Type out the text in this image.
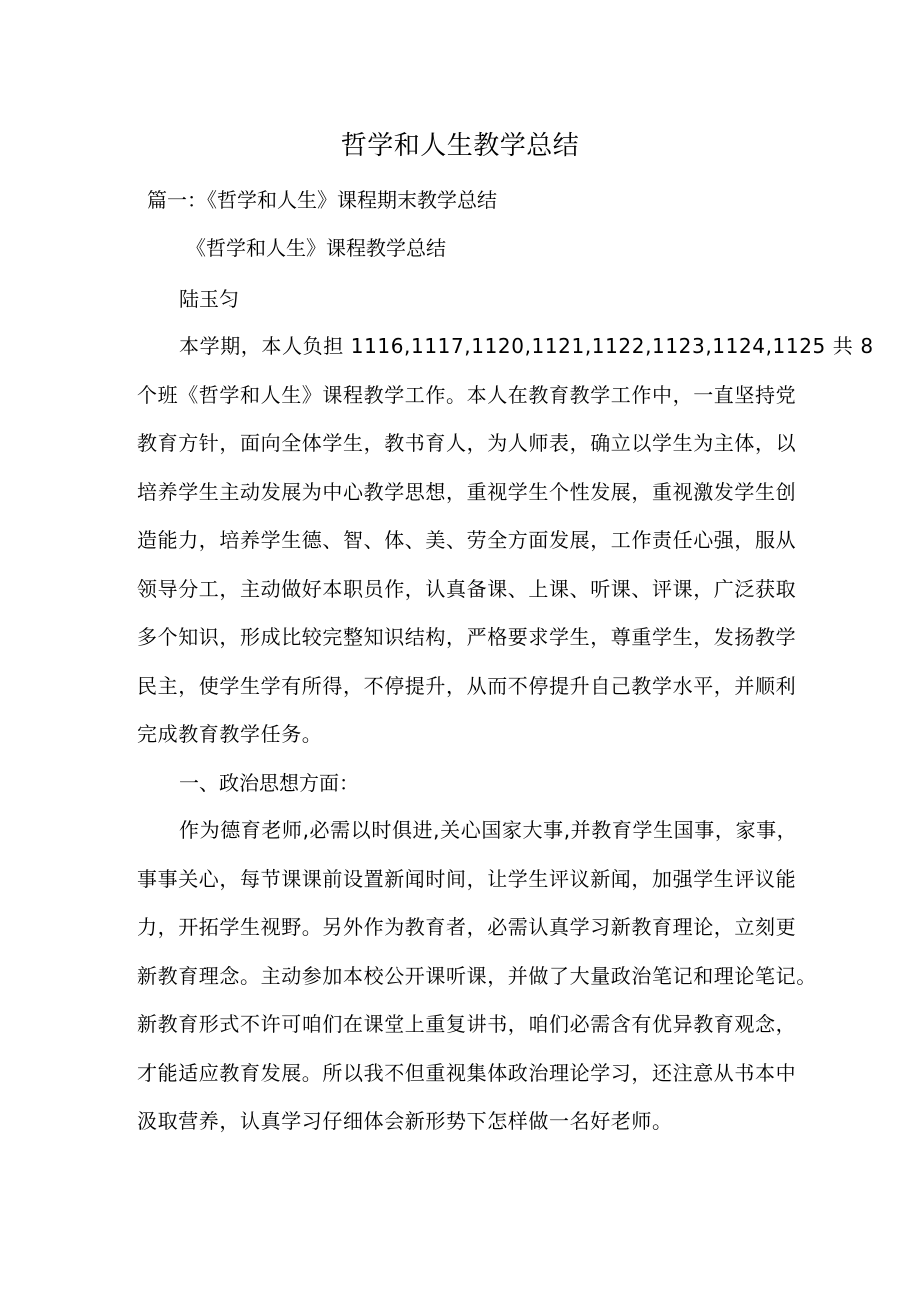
哲学和人生教学总结
篇一：《哲学和人生》课程期末教学总结
《哲学和人生》课程教学总结
陆玉匀
本学期，本人负担 1116,1117,1120,1121,1122,1123,1124,1125 共 8
个班《哲学和人生》课程教学工作。本人在教育教学工作中，一直坚持党
教育方针，面向全体学生，教书育人，为人师表，确立以学生为主体，以
培养学生主动发展为中心教学思想，重视学生个性发展，重视激发学生创
造能力，培养学生德、智、体、美、劳全方面发展，工作责任心强，服从
领导分工，主动做好本职员作，认真备课、上课、听课、评课，广泛获取
多个知识，形成比较完整知识结构，严格要求学生，尊重学生，发扬教学
民主，使学生学有所得，不停提升，从而不停提升自己教学水平，并顺利
完成教育教学任务。
一、政治思想方面：
作为德育老师,必需以时俱进,关心国家大事,并教育学生国事，家事，
事事关心，每节课课前设置新闻时间，让学生评议新闻，加强学生评议能
力，开拓学生视野。另外作为教育者，必需认真学习新教育理论，立刻更
新教育理念。主动参加本校公开课听课，并做了大量政治笔记和理论笔记。
新教育形式不许可咱们在课堂上重复讲书，咱们必需含有优异教育观念，
才能适应教育发展。所以我不但重视集体政治理论学习，还注意从书本中
汲取营养，认真学习仔细体会新形势下怎样做一名好老师。
